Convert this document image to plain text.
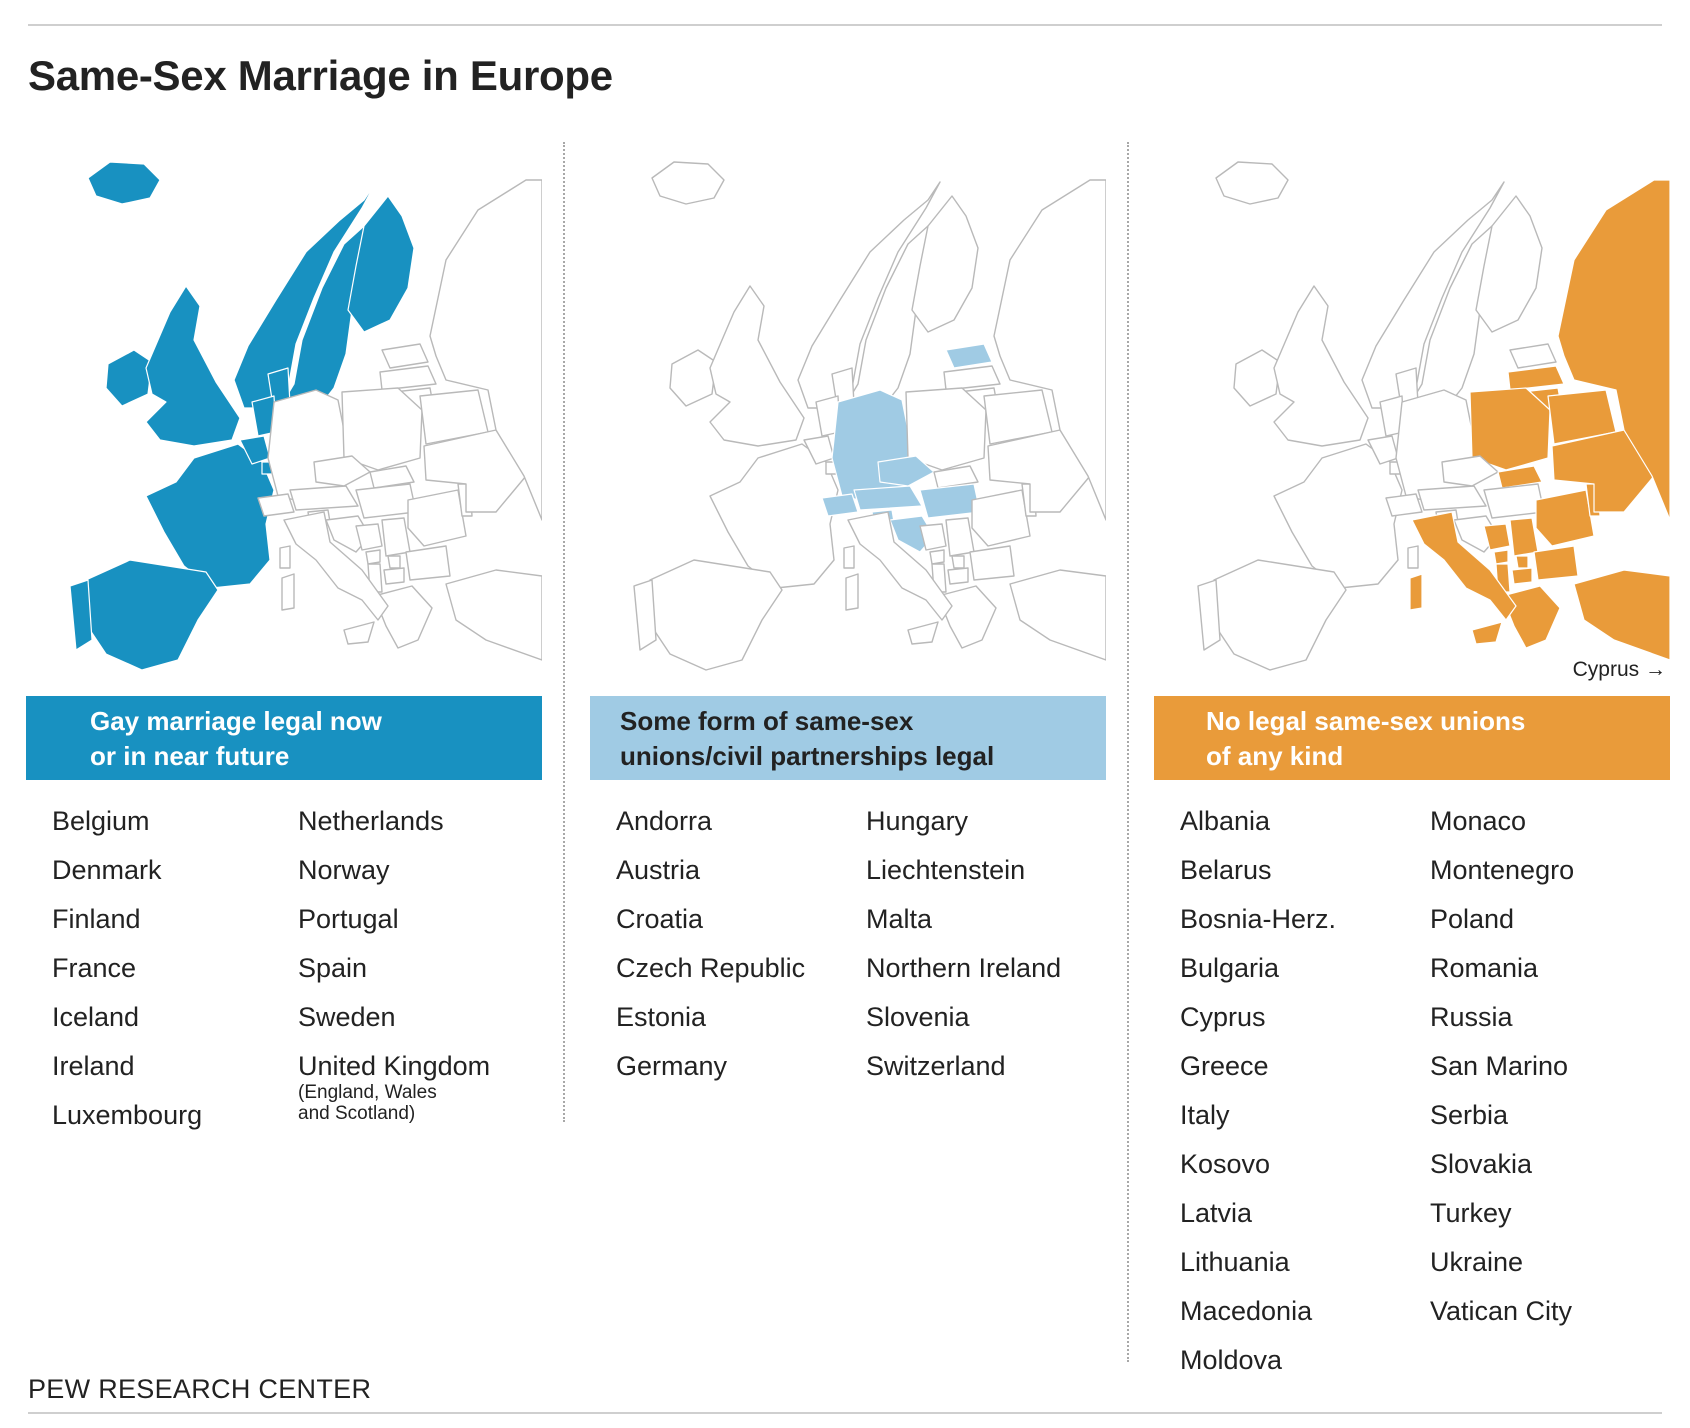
Same-Sex Marriage in Europe
Gay marriage legal now
or in near future
Belgium
Denmark
Finland
France
Iceland
Ireland
Luxembourg
Netherlands
Norway
Portugal
Spain
Sweden
United Kingdom
(England, Wales
and Scotland)
Some form of same-sex
unions/civil partnerships legal
Andorra
Austria
Croatia
Czech Republic
Estonia
Germany
Hungary
Liechtenstein
Malta
Northern Ireland
Slovenia
Switzerland
Cyprus →
No legal same-sex unions
of any kind
Albania
Belarus
Bosnia-Herz.
Bulgaria
Cyprus
Greece
Italy
Kosovo
Latvia
Lithuania
Macedonia
Moldova
Monaco
Montenegro
Poland
Romania
Russia
San Marino
Serbia
Slovakia
Turkey
Ukraine
Vatican City
PEW RESEARCH CENTER
